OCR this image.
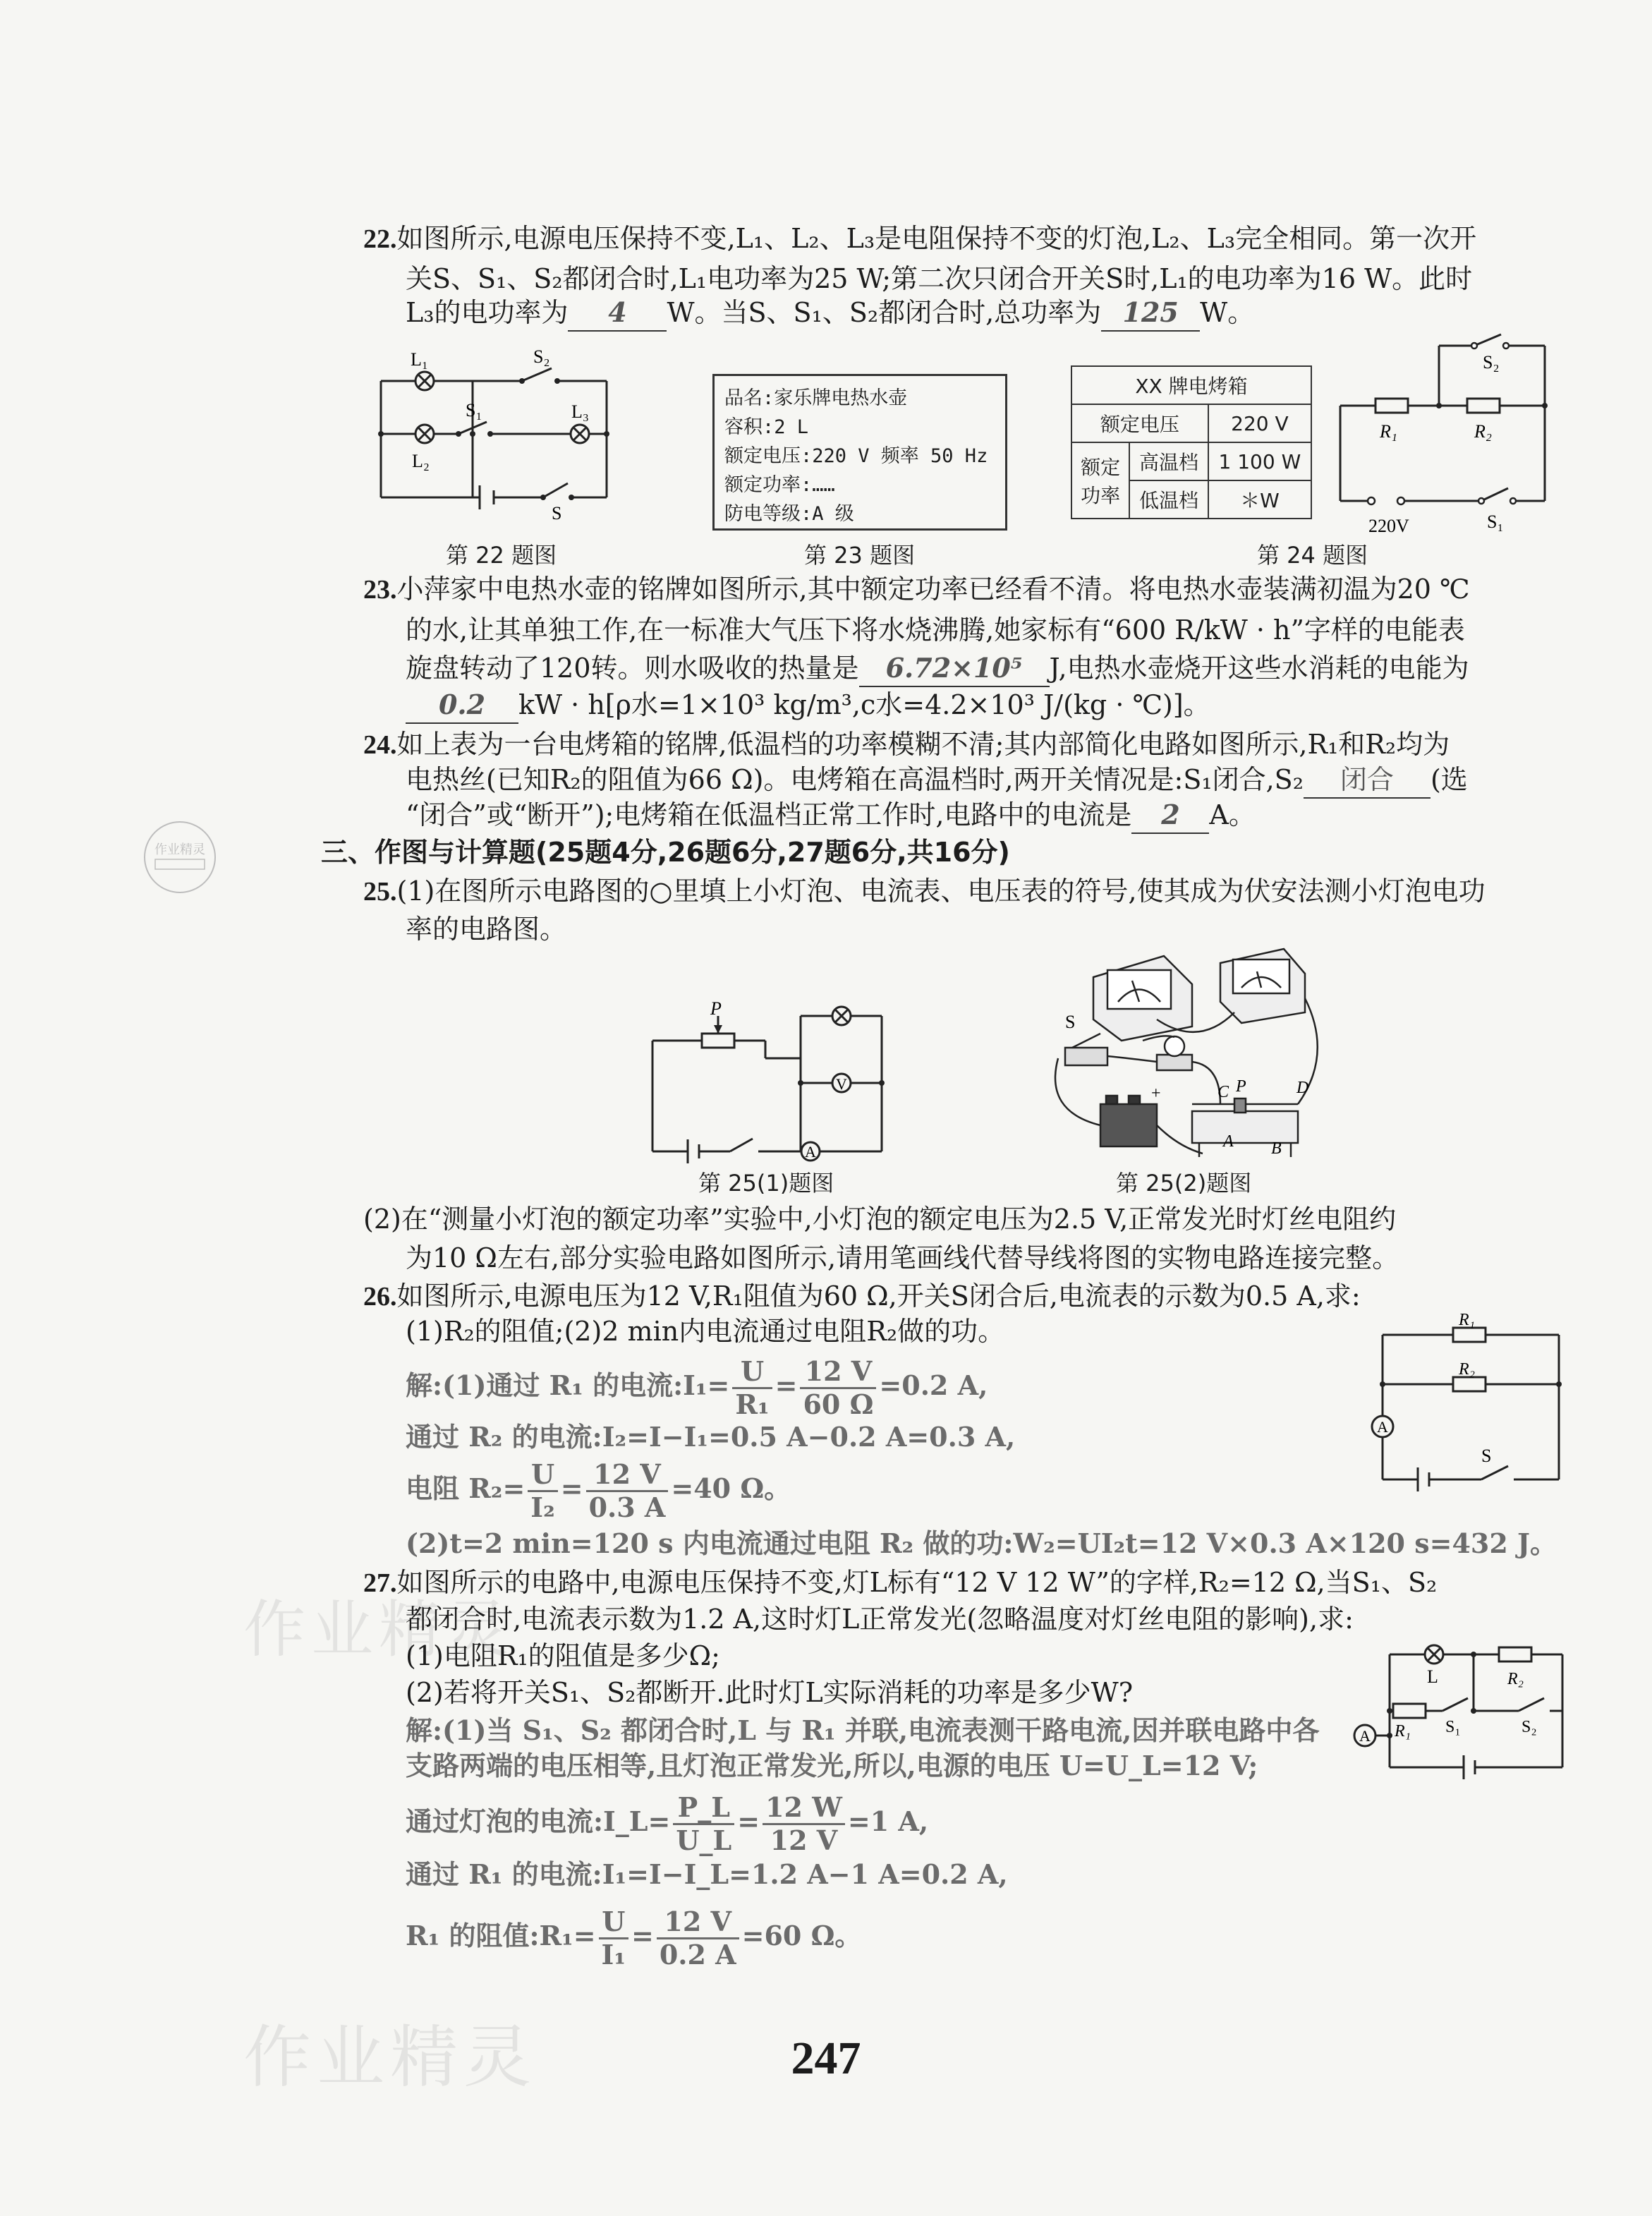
作业精灵
作业精灵
作业精灵
22.如图所示,电源电压保持不变,L₁、L₂、L₃是电阻保持不变的灯泡,L₂、L₃完全相同。第一次开
关S、S₁、S₂都闭合时,L₁电功率为25 W;第二次只闭合开关S时,L₁的电功率为16 W。此时
L₃的电功率为 4 W。当S、S₁、S₂都闭合时,总功率为 125 W。
L₁
L₂
L₃
S₂
S₁
S
第 22 题图
品名:家乐牌电热水壶
容积:2 L
额定电压:220 V 频率 50 Hz
额定功率:……
防电等级:A 级
第 23 题图
XX 牌电烤箱		
额定电压		220 V
额定
功率	高温档	1 100 W
	低温档	＊W
S₂
R₁	R₂
220V	S₁
第 24 题图
23.小萍家中电热水壶的铭牌如图所示,其中额定功率已经看不清。将电热水壶装满初温为20 ℃
的水,让其单独工作,在一标准大气压下将水烧沸腾,她家标有“600 R/kW · h”字样的电能表
旋盘转动了120转。则水吸收的热量是 6.72×10⁵ J,电热水壶烧开这些水消耗的电能为
0.2 kW · h[ρ水=1×10³ kg/m³,c水=4.2×10³ J/(kg · ℃)]。
24.如上表为一台电烤箱的铭牌,低温档的功率模糊不清;其内部简化电路如图所示,R₁和R₂均为
电热丝(已知R₂的阻值为66 Ω)。电烤箱在高温档时,两开关情况是:S₁闭合,S₂ 闭合 (选
“闭合”或“断开”);电烤箱在低温档正常工作时,电路中的电流是 2 A。
三、作图与计算题(25题4分,26题6分,27题6分,共16分)
25.(1)在图所示电路图的○里填上小灯泡、电流表、电压表的符号,使其成为伏安法测小灯泡电功
率的电路图。
P
V
A
第 25(1)题图
S
+	C P	D
A B
第 25(2)题图
(2)在“测量小灯泡的额定功率”实验中,小灯泡的额定电压为2.5 V,正常发光时灯丝电阻约
为10 Ω左右,部分实验电路如图所示,请用笔画线代替导线将图的实物电路连接完整。
26.如图所示,电源电压为12 V,R₁阻值为60 Ω,开关S闭合后,电流表的示数为0.5 A,求:
(1)R₂的阻值;(2)2 min内电流通过电阻R₂做的功。
解:(1)通过 R₁ 的电流:I₁= $\frac{U}{\text{R₁}} = \frac{12 V}{60 \Omega} =0.2$ A,
通过 R₂ 的电流:I₂=I−I₁=0.5 A−0.2 A=0.3 A,
电阻 $R_2= \frac{U}{\text{I₂}} = \frac{12 V}{0.3 A} =40$ Ω。
(2)t=2 min=120 s 内电流通过电阻 R₂ 做的功:W₂=UI₂t=12 V×0.3 A×120 s=432 J。
R₁
R₂
A
S
27.如图所示的电路中,电源电压保持不变,灯L标有“12 V 12 W”的字样,R₂=12 Ω,当S₁、S₂
都闭合时,电流表示数为1.2 A,这时灯L正常发光(忽略温度对灯丝电阻的影响),求:
(1)电阻R₁的阻值是多少Ω;
(2)若将开关S₁、S₂都断开.此时灯L实际消耗的功率是多少W?
解:(1)当 S₁、S₂ 都闭合时,L 与 R₁ 并联,电流表测干路电流,因并联电路中各
支路两端的电压相等,且灯泡正常发光,所以,电源的电压 U=U_L=12 V;
通过灯泡的电流:I_L= $\frac{P\_L}{U\_L} = \frac{12 W}{12 V} =1$ A,
通过 R₁ 的电流:I₁=I−I_L=1.2 A−1 A=0.2 A,
R₁ 的阻值:R₁= $\frac{U}{\text{I₁}} = \frac{12 V}{0.2 A} =60$ Ω。
L	R₂
R₁ S₁	S₂
A
247
